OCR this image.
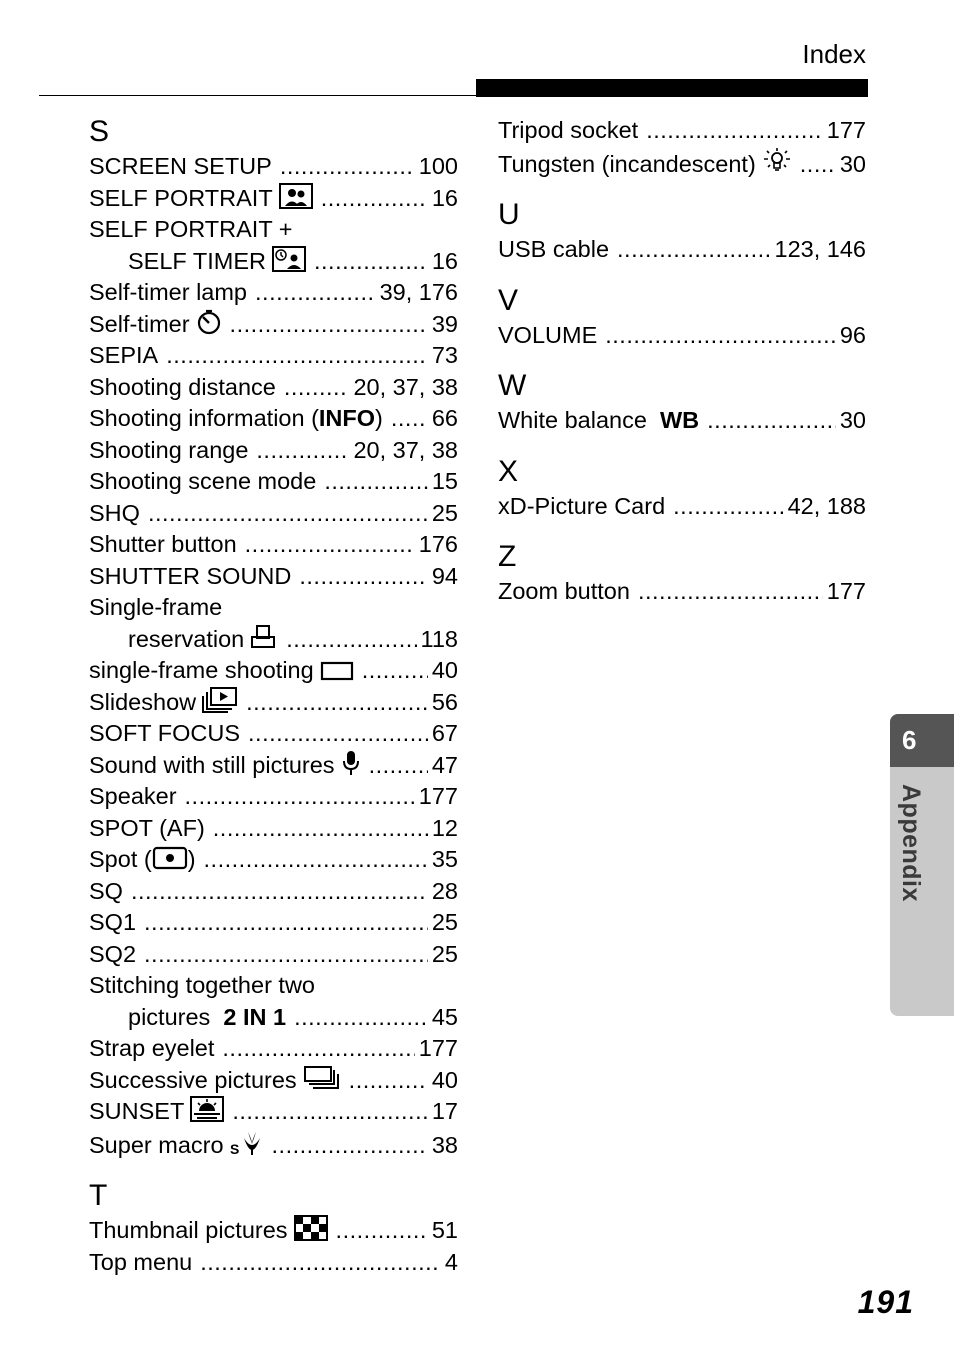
Index
S
SCREEN SETUP .....	100
SELF PORTRAIT .....	16
SELF PORTRAIT +
SELF TIMER .....	16
Self-timer lamp .....	39, 176
Self-timer .....	39
SEPIA .....	73
Shooting distance .....	20, 37, 38
Shooting information (INFO) ..... 66
Shooting range .....	20, 37, 38
Shooting scene mode .....	15
SHQ .....	25
Shutter button .....	176
SHUTTER SOUND .....	94
Single-frame
reservation .....	118
single-frame shooting .....	40
Slideshow .....	56
SOFT FOCUS .....	67
Sound with still pictures .....	47
Speaker .....	177
SPOT (AF) .....	12
Spot ( ) .....	35
SQ .....	28
SQ1 .....	25
SQ2 .....	25
Stitching together two
pictures 2 IN 1 .....	45
Strap eyelet .....	177
Successive pictures .....	40
SUNSET .....	17
Super macro S .....	38
T
Thumbnail pictures .....	51
Top menu .....	4
Tripod socket .....	177
Tungsten (incandescent) .....	30
U
USB cable .....	123, 146
V
VOLUME .....	96
W
White balance WB .....	30
X
xD-Picture Card .....	42, 188
Z
Zoom button .....	177
6
Appendix
191
